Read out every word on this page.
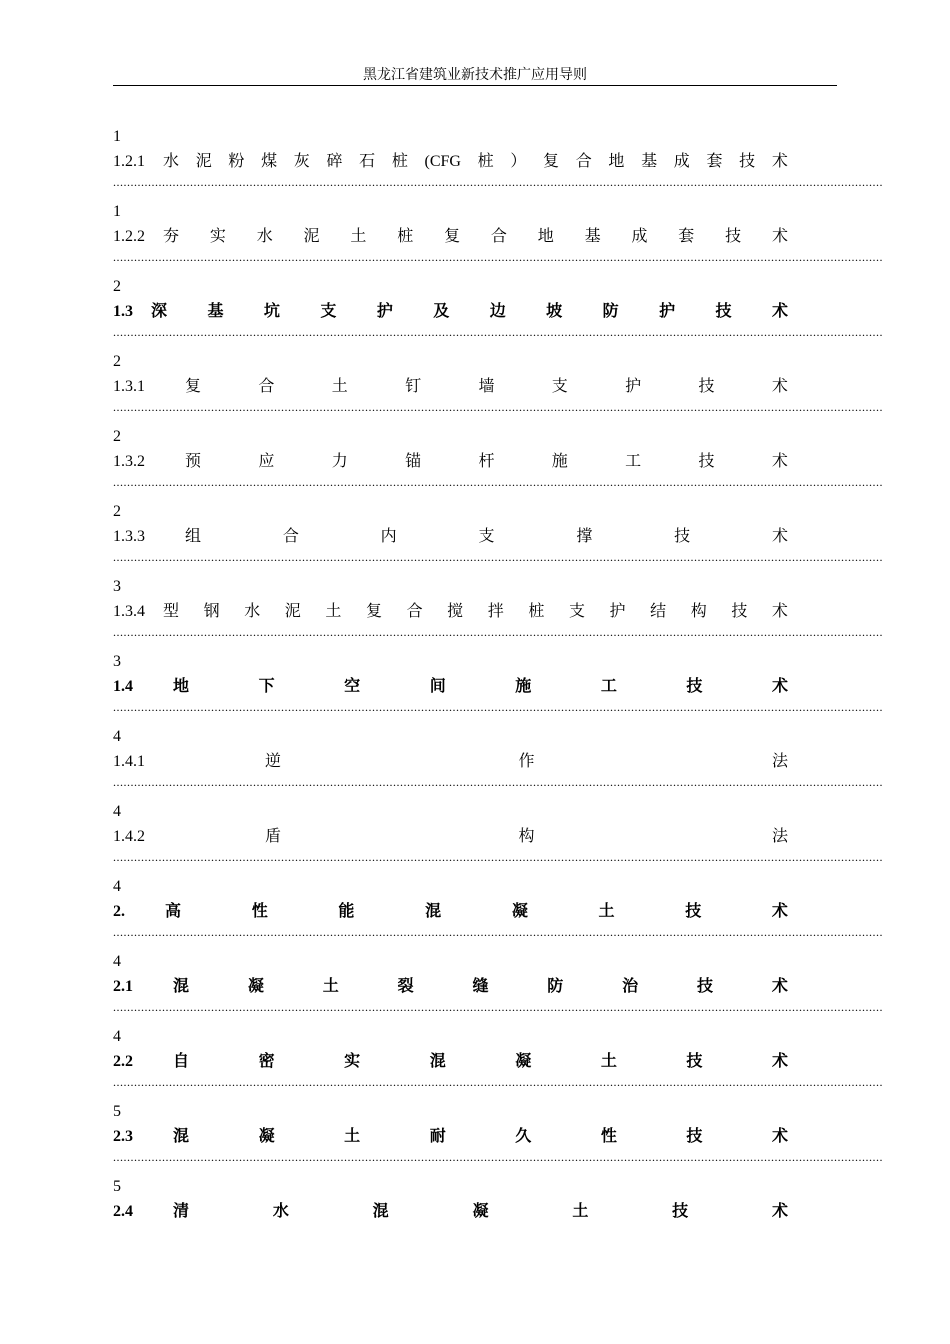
黑龙江省建筑业新技术推广应用导则
1
1.2.1 水 泥 粉 煤 灰 碎 石 桩 (CFG 桩 ） 复 合 地 基 成 套 技 术
............................................................................................................................................................................................................................
1
1.2.2 夯 实 水 泥 土 桩 复 合 地 基 成 套 技 术
............................................................................................................................................................................................................................
2
1.3 深	基	坑	支	护	及	边	坡	防	护	技	术
............................................................................................................................................................................................................................
2
1.3.1	复	合	土	钉	墙	支	护	技	术
............................................................................................................................................................................................................................
2
1.3.2	预	应	力	锚	杆	施	工	技	术
............................................................................................................................................................................................................................
2
1.3.3	组	合	内	支	撑	技	术
............................................................................................................................................................................................................................
3
1.3.4 型 钢 水 泥 土 复 合 搅 拌 桩 支 护 结 构 技 术
............................................................................................................................................................................................................................
3
1.4	地	下	空	间	施	工	技	术
............................................................................................................................................................................................................................
4
1.4.1	逆	作	法
............................................................................................................................................................................................................................
4
1.4.2	盾	构	法
............................................................................................................................................................................................................................
4
2.	高	性	能	混	凝	土	技	术
............................................................................................................................................................................................................................
4
2.1	混	凝	土	裂	缝	防	治	技	术
............................................................................................................................................................................................................................
4
2.2	自	密	实	混	凝	土	技	术
............................................................................................................................................................................................................................
5
2.3	混	凝	土	耐	久	性	技	术
............................................................................................................................................................................................................................
5
2.4	清	水	混	凝	土	技	术
